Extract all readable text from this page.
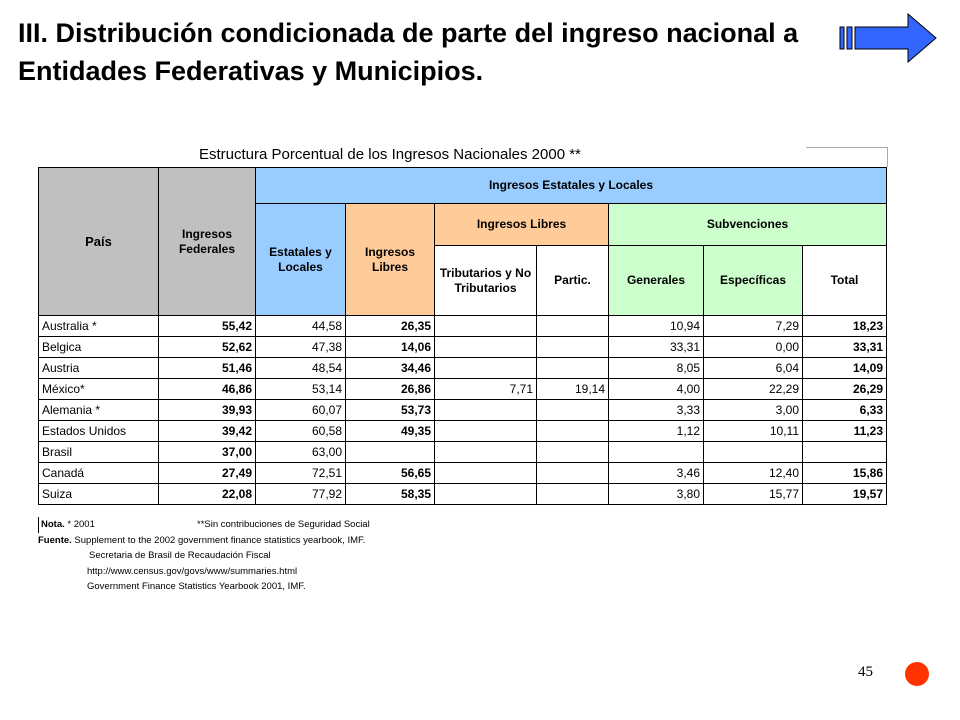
III. Distribución condicionada de parte del ingreso nacional a Entidades Federativas y Municipios.
Estructura Porcentual de los Ingresos Nacionales 2000 **
País	Ingresos Federales	Ingresos Estatales y Locales						
		Estatales y Locales	Ingresos Libres	Ingresos Libres		Subvenciones		
				Tributarios y No Tributarios	Partic.	Generales	Específicas	Total
Australia *	55,42	44,58	26,35			10,94	7,29	18,23
Belgica	52,62	47,38	14,06			33,31	0,00	33,31
Austria	51,46	48,54	34,46			8,05	6,04	14,09
México*	46,86	53,14	26,86	7,71	19,14	4,00	22,29	26,29
Alemania *	39,93	60,07	53,73			3,33	3,00	6,33
Estados Unidos	39,42	60,58	49,35			1,12	10,11	11,23
Brasil	37,00	63,00						
Canadá	27,49	72,51	56,65			3,46	12,40	15,86
Suiza	22,08	77,92	58,35			3,80	15,77	19,57
Nota. * 2001	**Sin contribuciones de Seguridad Social
Fuente. Supplement to the 2002 government finance statistics yearbook, IMF.
Secretaria de Brasil de Recaudación Fiscal
http://www.census.gov/govs/www/summaries.html
Government Finance Statistics Yearbook 2001, IMF.
45
